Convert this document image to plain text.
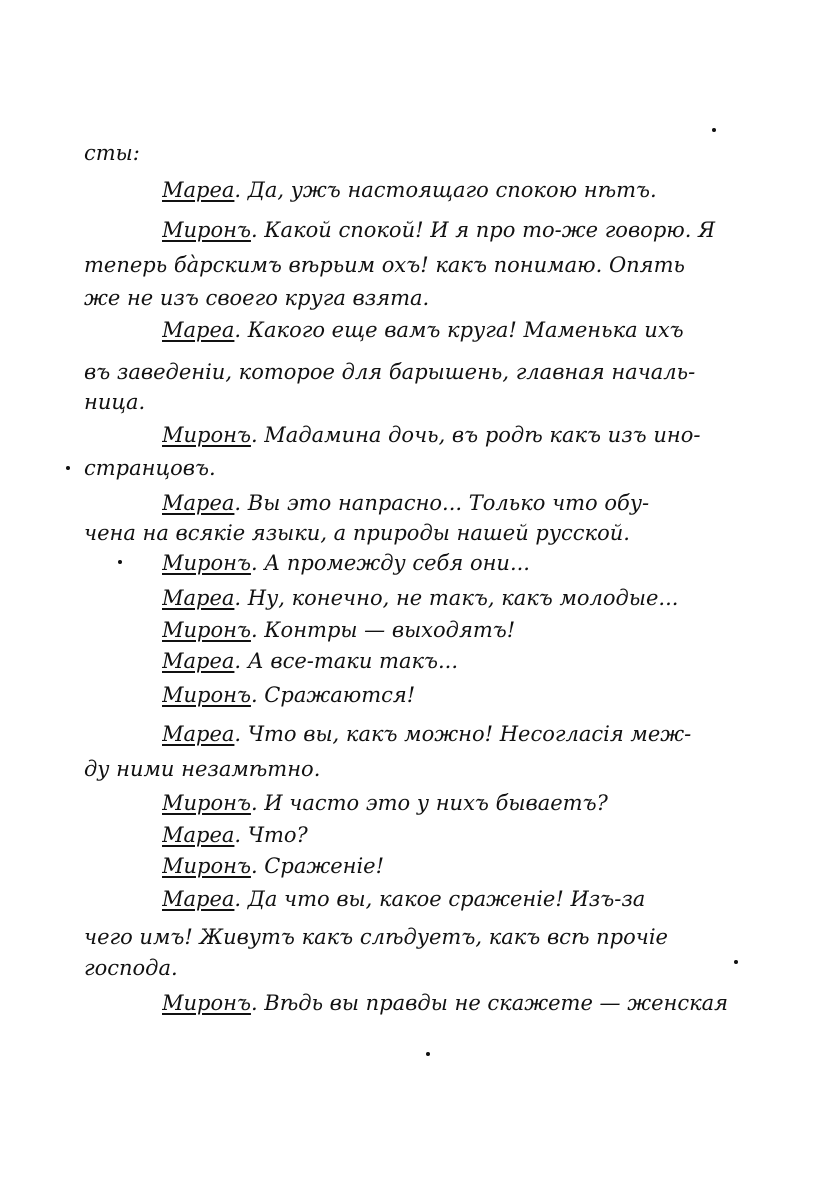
сты:
Мареа. Да, ужъ настоящаго спокою нѣтъ.
Миронъ. Какой спокой! И я про то-же говорю. Я
теперь ба̀рскимъ вѣрьим охъ! какъ понимаю. Опять
же не изъ своего круга взята.
Мареа. Какого еще вамъ круга! Маменька ихъ
въ заведеніи, которое для барышень, главная началь-
ница.
Миронъ. Мадамина дочь, въ родѣ какъ изъ ино-
странцовъ.
Мареа. Вы это напрасно... Только что обу-
чена на всякіе языки, а природы нашей русской.
Миронъ. А промежду себя они...
Мареа. Ну, конечно, не такъ, какъ молодые...
Миронъ. Контры — выходятъ!
Мареа. А все-таки такъ...
Миронъ. Сражаются!
Мареа. Что вы, какъ можно! Несогласія меж-
ду ними незамѣтно.
Миронъ. И часто это у нихъ бываетъ?
Мареа. Что?
Миронъ. Сраженіе!
Мареа. Да что вы, какое сраженіе! Изъ-за
чего имъ! Живутъ какъ слѣдуетъ, какъ всѣ прочіе
господа.
Миронъ. Вѣдь вы правды не скажете — женская
